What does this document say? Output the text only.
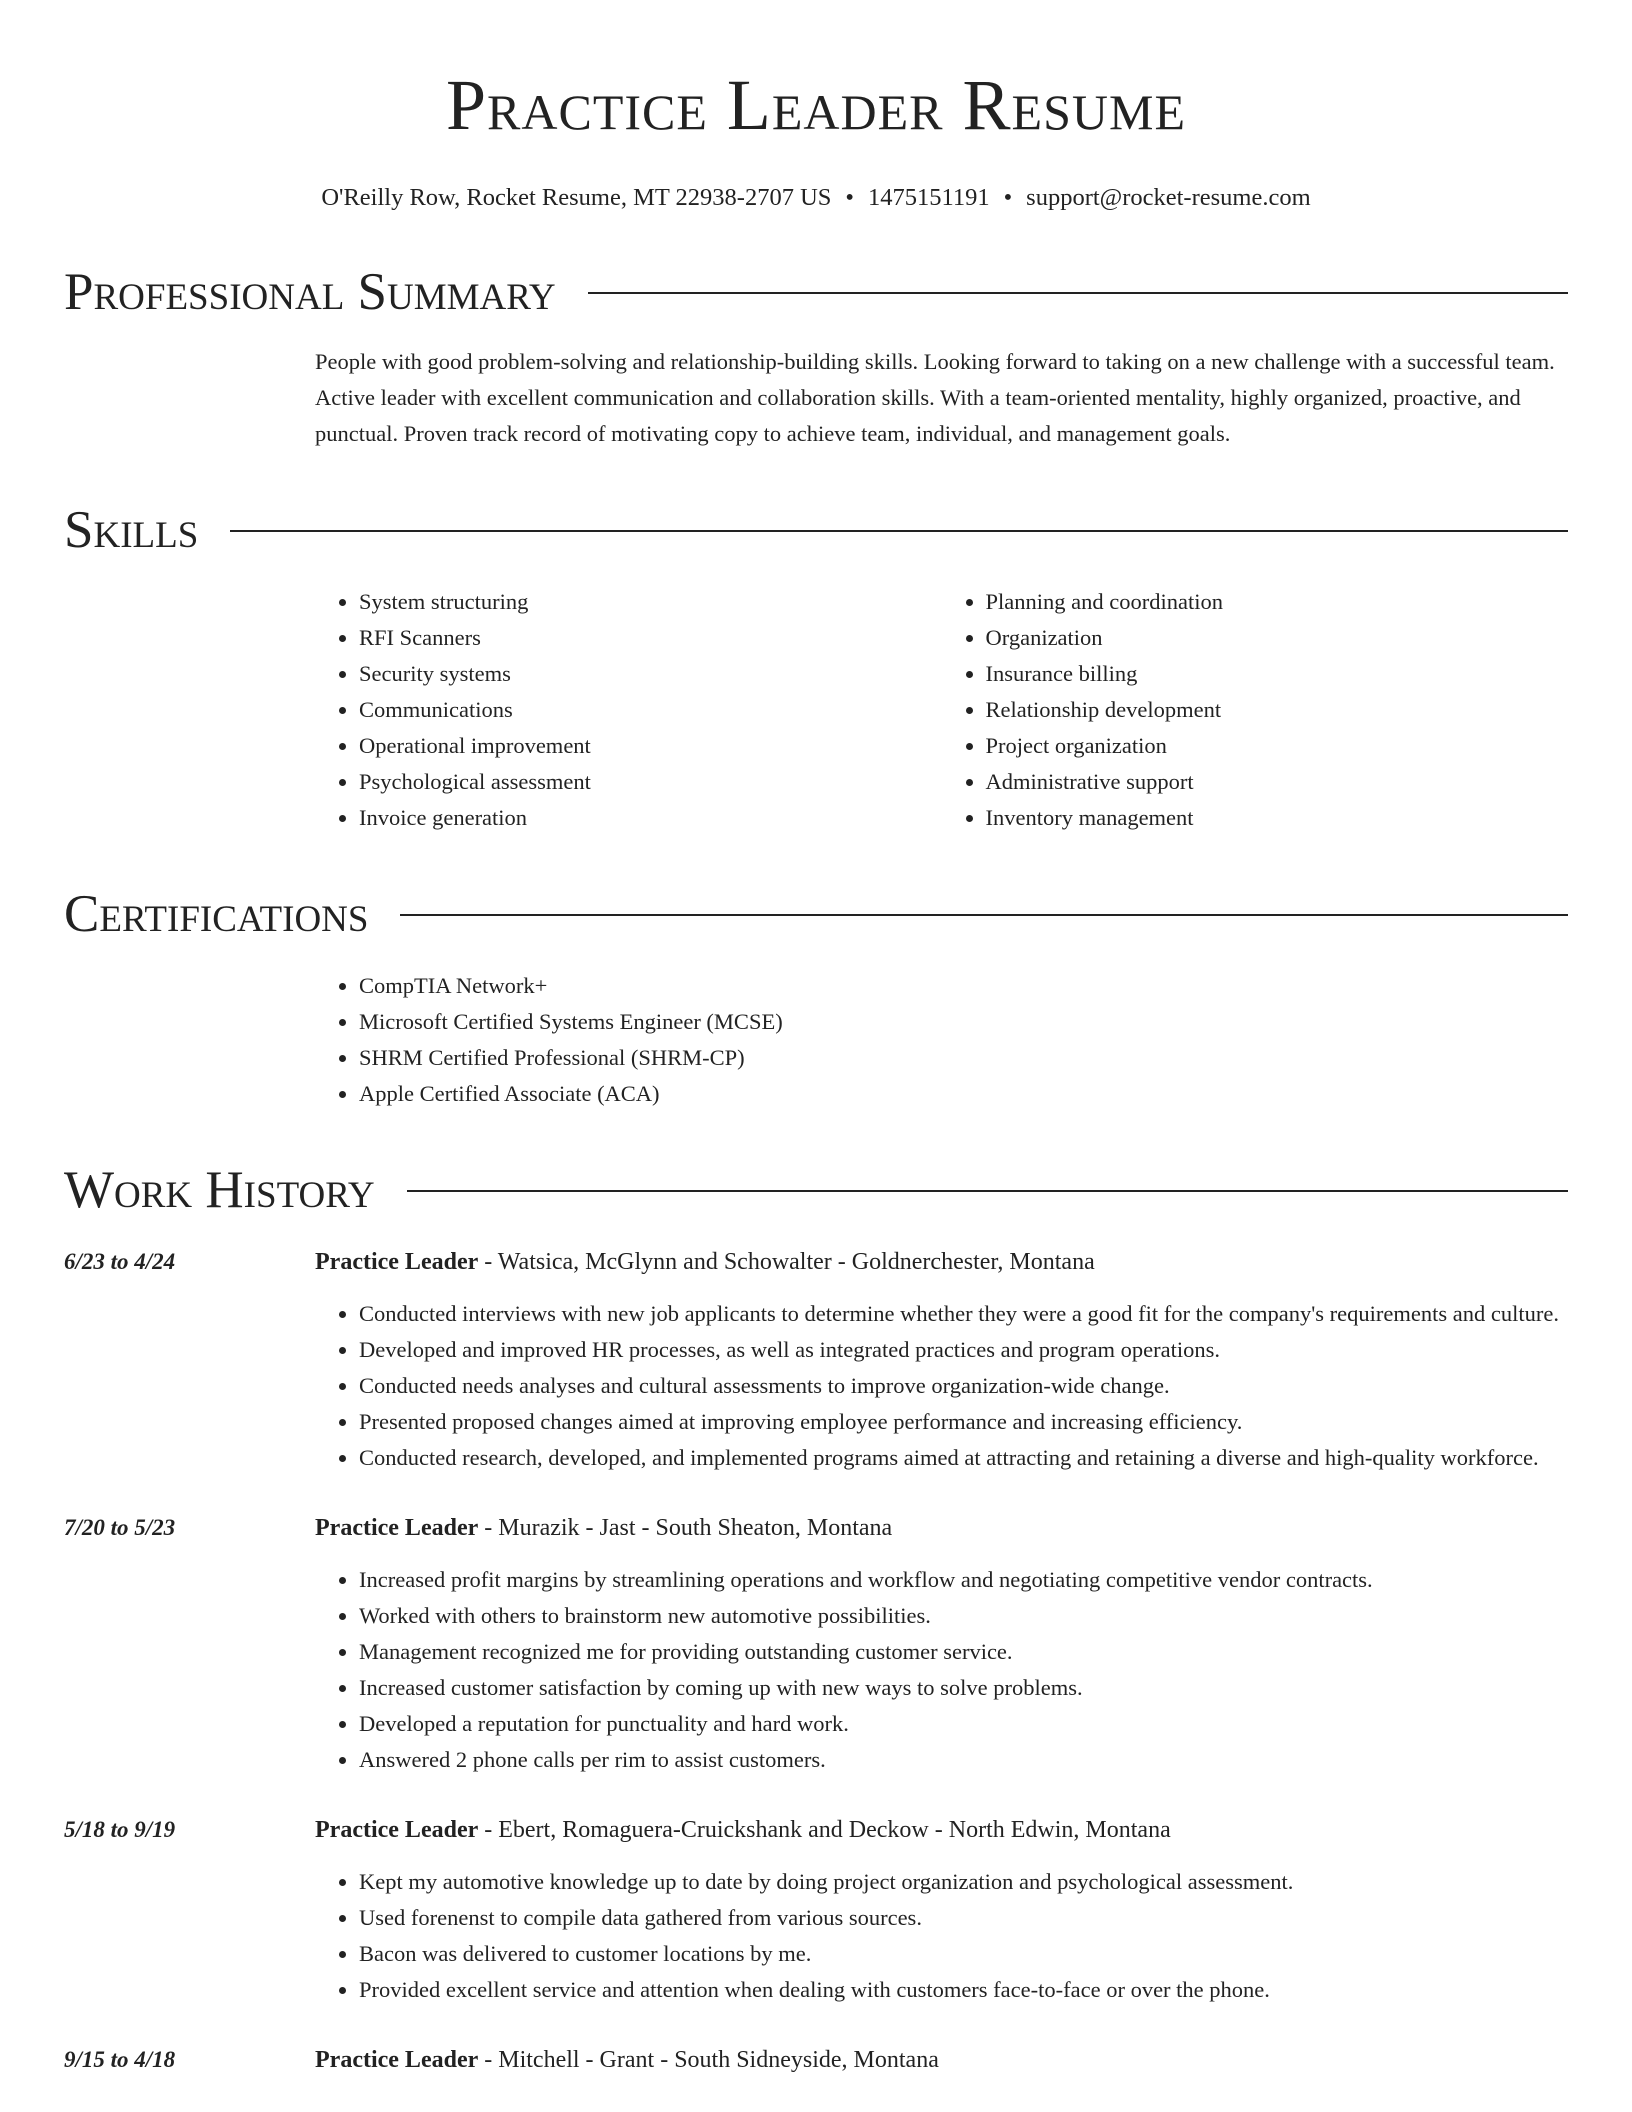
Practice Leader Resume
O'Reilly Row, Rocket Resume, MT 22938-2707 US • 1475151191 • support@rocket-resume.com
Professional Summary
People with good problem-solving and relationship-building skills. Looking forward to taking on a new challenge with a successful team. Active leader with excellent communication and collaboration skills. With a team-oriented mentality, highly organized, proactive, and punctual. Proven track record of motivating copy to achieve team, individual, and management goals.
Skills
• System structuring
• RFI Scanners
• Security systems
• Communications
• Operational improvement
• Psychological assessment
• Invoice generation
• Planning and coordination
• Organization
• Insurance billing
• Relationship development
• Project organization
• Administrative support
• Inventory management
Certifications
• CompTIA Network+
• Microsoft Certified Systems Engineer (MCSE)
• SHRM Certified Professional (SHRM-CP)
• Apple Certified Associate (ACA)
Work History
6/23 to 4/24	Practice Leader - Watsica, McGlynn and Schowalter - Goldnerchester, Montana
• Conducted interviews with new job applicants to determine whether they were a good fit for the company's requirements and culture.
• Developed and improved HR processes, as well as integrated practices and program operations.
• Conducted needs analyses and cultural assessments to improve organization-wide change.
• Presented proposed changes aimed at improving employee performance and increasing efficiency.
• Conducted research, developed, and implemented programs aimed at attracting and retaining a diverse and high-quality workforce.
7/20 to 5/23	Practice Leader - Murazik - Jast - South Sheaton, Montana
• Increased profit margins by streamlining operations and workflow and negotiating competitive vendor contracts.
• Worked with others to brainstorm new automotive possibilities.
• Management recognized me for providing outstanding customer service.
• Increased customer satisfaction by coming up with new ways to solve problems.
• Developed a reputation for punctuality and hard work.
• Answered 2 phone calls per rim to assist customers.
5/18 to 9/19	Practice Leader - Ebert, Romaguera-Cruickshank and Deckow - North Edwin, Montana
• Kept my automotive knowledge up to date by doing project organization and psychological assessment.
• Used forenenst to compile data gathered from various sources.
• Bacon was delivered to customer locations by me.
• Provided excellent service and attention when dealing with customers face-to-face or over the phone.
9/15 to 4/18	Practice Leader - Mitchell - Grant - South Sidneyside, Montana
